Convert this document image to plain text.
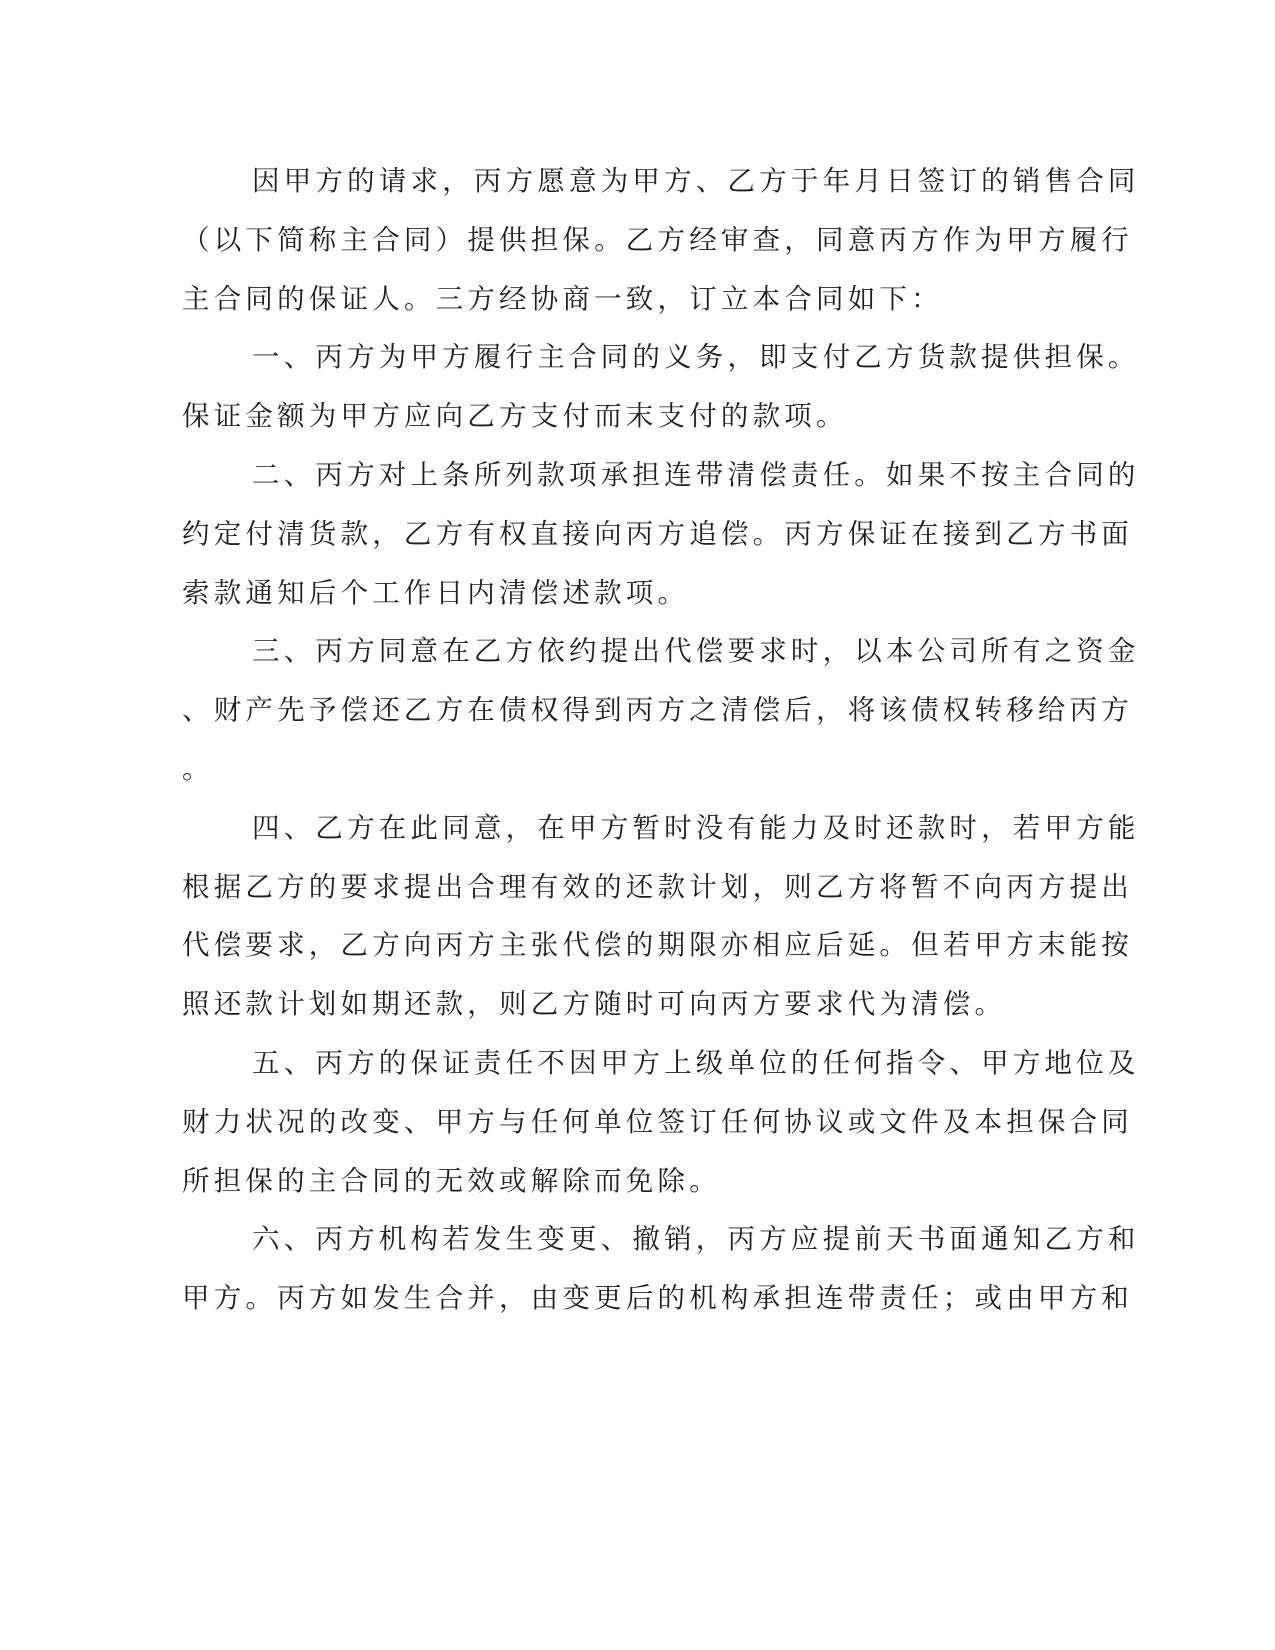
因甲方的请求，丙方愿意为甲方、乙方于年月日签订的销售合同
（以下简称主合同）提供担保。乙方经审查，同意丙方作为甲方履行
主合同的保证人。三方经协商一致，订立本合同如下：
一、丙方为甲方履行主合同的义务，即支付乙方货款提供担保。
保证金额为甲方应向乙方支付而末支付的款项。
二、丙方对上条所列款项承担连带清偿责任。如果不按主合同的
约定付清货款，乙方有权直接向丙方追偿。丙方保证在接到乙方书面
索款通知后个工作日内清偿述款项。
三、丙方同意在乙方依约提出代偿要求时，以本公司所有之资金
、财产先予偿还乙方在债权得到丙方之清偿后，将该债权转移给丙方
。
四、乙方在此同意，在甲方暂时没有能力及时还款时，若甲方能
根据乙方的要求提出合理有效的还款计划，则乙方将暂不向丙方提出
代偿要求，乙方向丙方主张代偿的期限亦相应后延。但若甲方末能按
照还款计划如期还款，则乙方随时可向丙方要求代为清偿。
五、丙方的保证责任不因甲方上级单位的任何指令、甲方地位及
财力状况的改变、甲方与任何单位签订任何协议或文件及本担保合同
所担保的主合同的无效或解除而免除。
六、丙方机构若发生变更、撤销，丙方应提前天书面通知乙方和
甲方。丙方如发生合并，由变更后的机构承担连带责任；或由甲方和
